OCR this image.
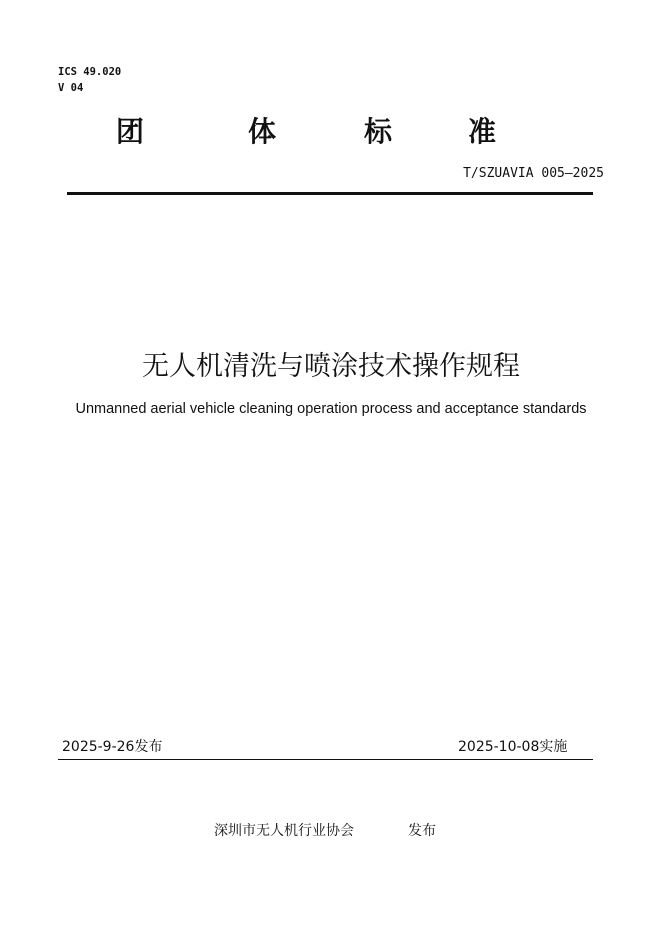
ICS 49.020
V 04
团	体	标	准
T/SZUAVIA 005—2025
无人机清洗与喷涂技术操作规程
Unmanned aerial vehicle cleaning operation process and acceptance standards
2025-9-26发布	2025-10-08实施
深圳市无人机行业协会	发布
